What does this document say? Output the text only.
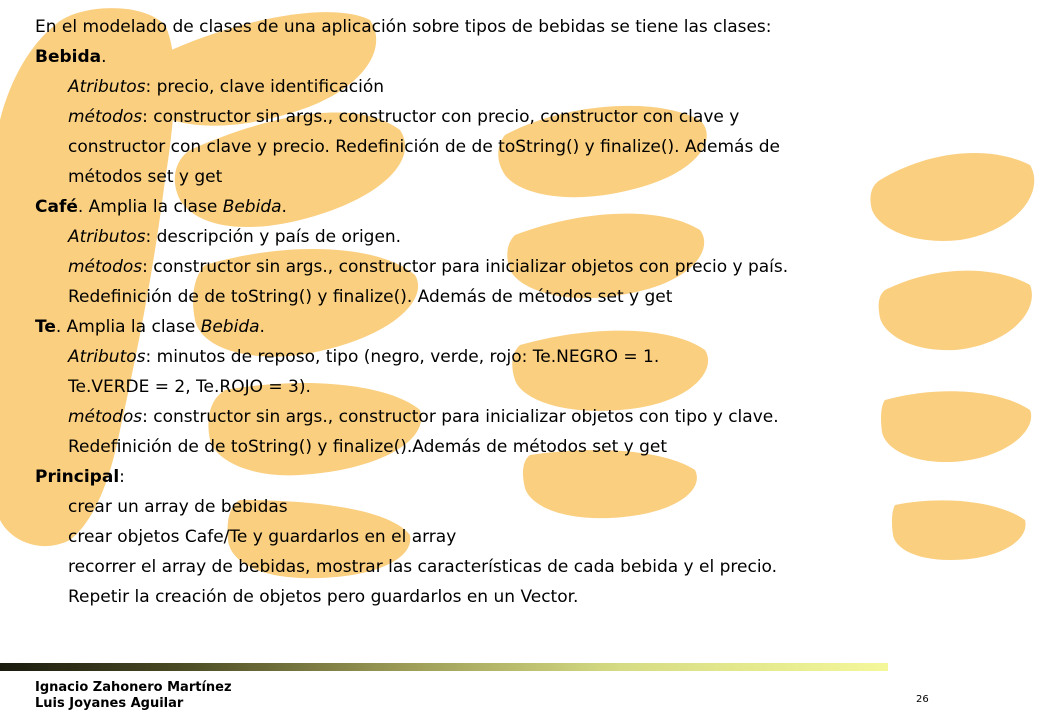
En el modelado de clases de una aplicación sobre tipos de bebidas se tiene las clases:
Bebida.
Atributos: precio, clave identificación
métodos: constructor sin args., constructor con precio, constructor con clave y
constructor con clave y precio. Redefinición de de toString() y finalize(). Además de
métodos set y get
Café. Amplia la clase Bebida.
Atributos: descripción y país de origen.
métodos: constructor sin args., constructor para inicializar objetos con precio y país.
Redefinición de de toString() y finalize(). Además de métodos set y get
Te. Amplia la clase Bebida.
Atributos: minutos de reposo, tipo (negro, verde, rojo: Te.NEGRO = 1.
Te.VERDE = 2, Te.ROJO = 3).
métodos: constructor sin args., constructor para inicializar objetos con tipo y clave.
Redefinición de de toString() y finalize().Además de métodos set y get
Principal:
crear un array de bebidas
crear objetos Cafe/Te y guardarlos en el array
recorrer el array de bebidas, mostrar las características de cada bebida y el precio.
Repetir la creación de objetos pero guardarlos en un Vector.
Ignacio Zahonero Martínez
Luis Joyanes Aguilar	26
